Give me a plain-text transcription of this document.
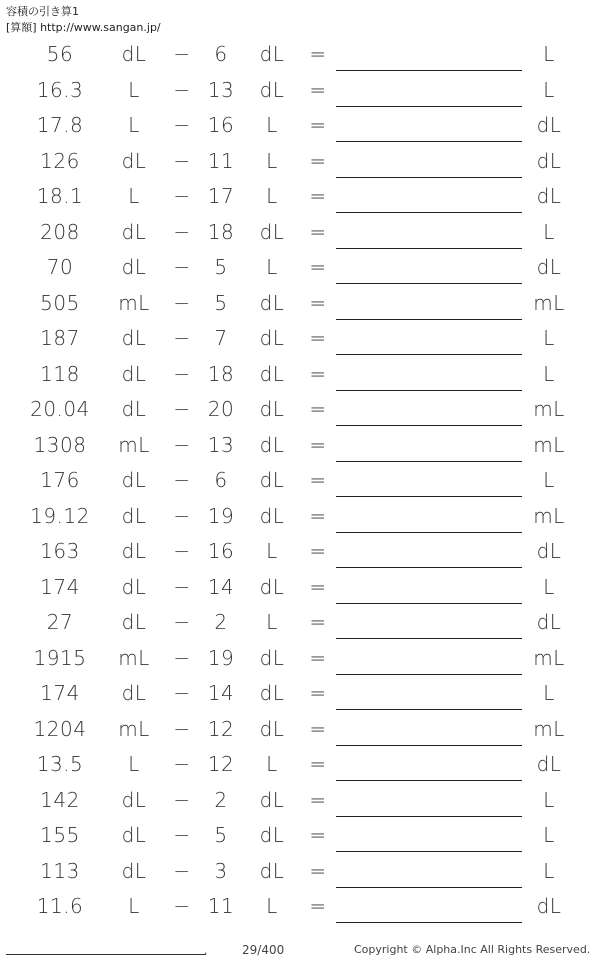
容積の引き算1
[算額] http://www.sangan.jp/
56	dL	−	6	dL	=	L
16.3	L	− 13	dL	=	L
17.8	L	− 16	L	=	dL
126	dL	− 11	L	=	dL
18.1	L	− 17	L	=	dL
208	dL	− 18	dL	=	L
70	dL	−	5	L	=	dL
505	mL	−	5	dL	=	mL
187	dL	−	7	dL	=	L
118	dL	− 18	dL	=	L
20.04	dL	− 20	dL	=	mL
1308	mL	− 13	dL	=	mL
176	dL	−	6	dL	=	L
19.12	dL	− 19	dL	=	mL
163	dL	− 16	L	=	dL
174	dL	− 14	dL	=	L
27	dL	−	2	L	=	dL
1915	mL	− 19	dL	=	mL
174	dL	− 14	dL	=	L
1204	mL	− 12	dL	=	mL
13.5	L	− 12	L	=	dL
142	dL	−	2	dL	=	L
155	dL	−	5	dL	=	L
113	dL	−	3	dL	=	L
11.6	L	− 11	L	=	dL
.	29/400	Copyright © Alpha.Inc All Rights Reserved.
